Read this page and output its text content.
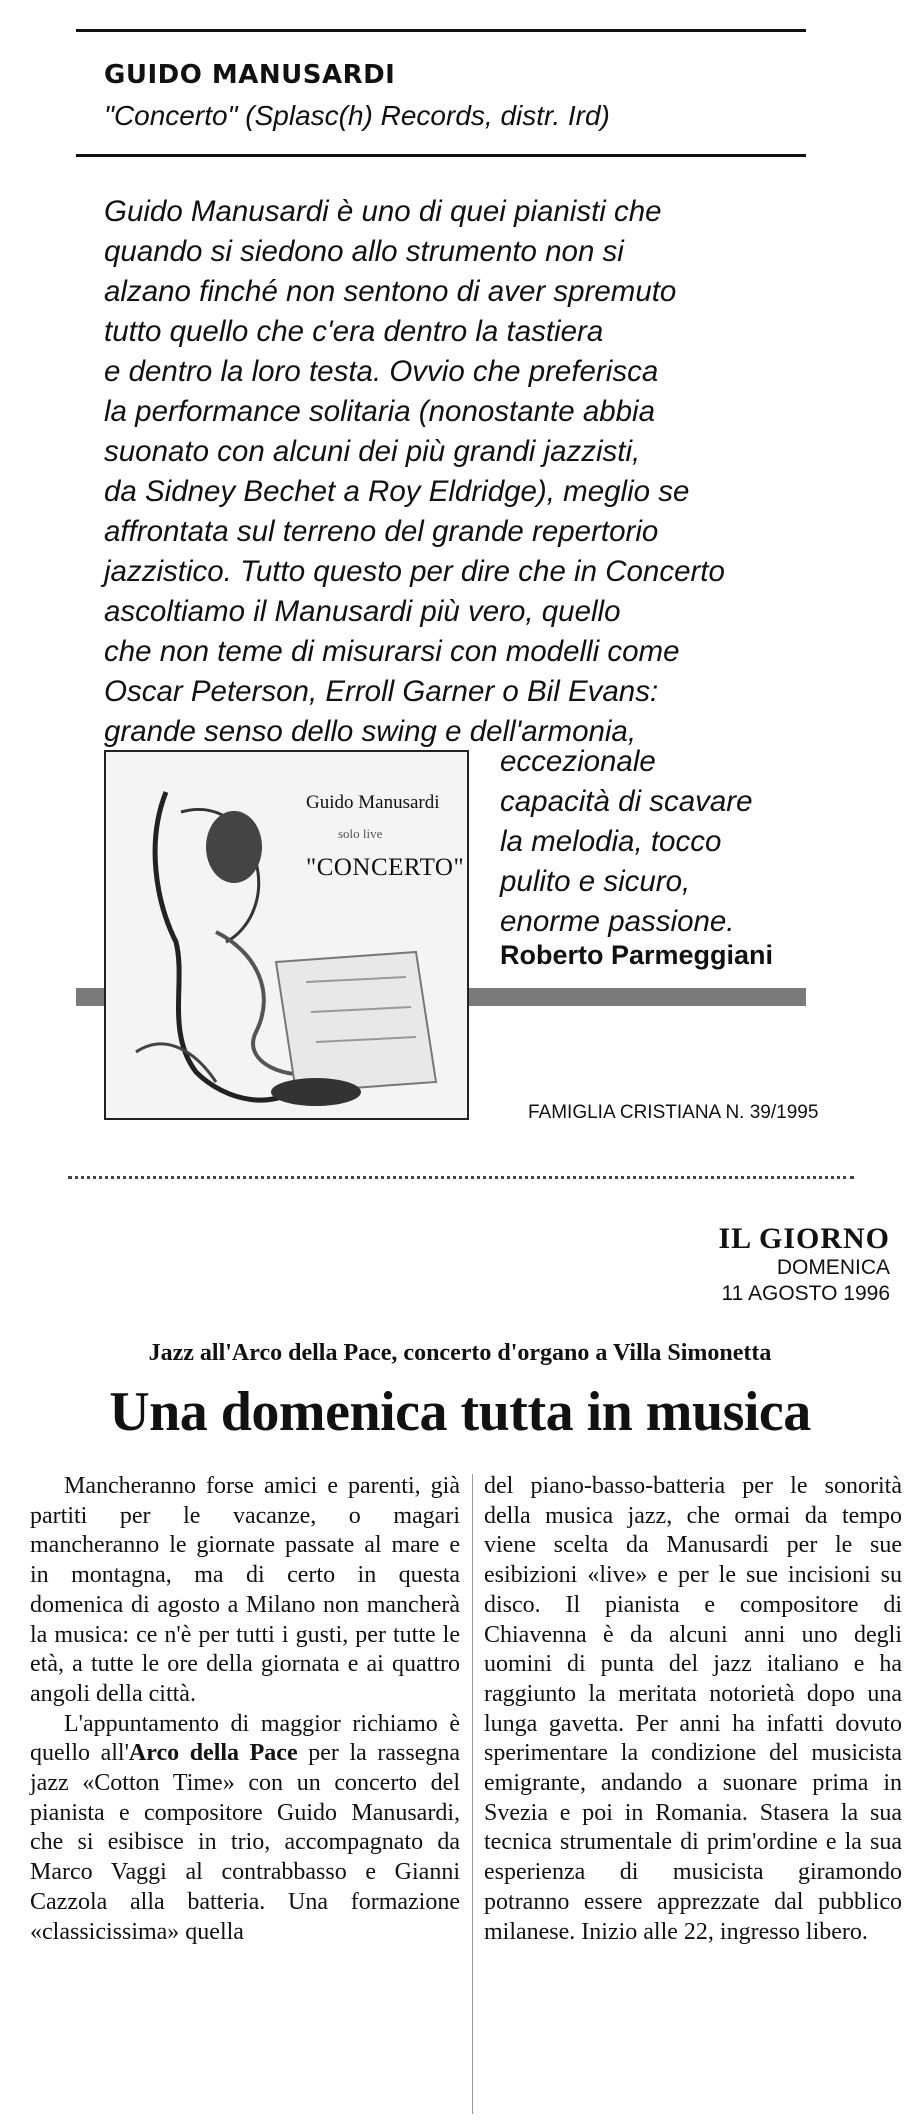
GUIDO MANUSARDI
"Concerto" (Splasc(h) Records, distr. Ird)
Guido Manusardi è uno di quei pianisti che
quando si siedono allo strumento non si
alzano finché non sentono di aver spremuto
tutto quello che c'era dentro la tastiera
e dentro la loro testa. Ovvio che preferisca
la performance solitaria (nonostante abbia
suonato con alcuni dei più grandi jazzisti,
da Sidney Bechet a Roy Eldridge), meglio se
affrontata sul terreno del grande repertorio
jazzistico. Tutto questo per dire che in Concerto
ascoltiamo il Manusardi più vero, quello
che non teme di misurarsi con modelli come
Oscar Peterson, Erroll Garner o Bil Evans:
grande senso dello swing e dell'armonia,
Guido Manusardi
solo live
"CONCERTO"
eccezionale
capacità di scavare
la melodia, tocco
pulito e sicuro,
enorme passione.
Roberto Parmeggiani
FAMIGLIA CRISTIANA N. 39/1995
IL GIORNO
DOMENICA
11 AGOSTO 1996
Jazz all'Arco della Pace, concerto d'organo a Villa Simonetta
Una domenica tutta in musica

Mancheranno forse amici e parenti, già partiti per le vacanze, o magari mancheranno le giornate passate al mare e in montagna, ma di certo in questa domenica di agosto a Milano non mancherà la musica: ce n'è per tutti i gusti, per tutte le età, a tutte le ore della giornata e ai quattro angoli della città.

L'appuntamento di maggior richiamo è quello all'Arco della Pace per la rassegna jazz «Cotton Time» con un concerto del pianista e compositore Guido Manusardi, che si esibisce in trio, accompagnato da Marco Vaggi al contrabbasso e Gianni Cazzola alla batteria. Una formazione «classicissima» quella

del piano-basso-batteria per le sonorità della musica jazz, che ormai da tempo viene scelta da Manusardi per le sue esibizioni «live» e per le sue incisioni su disco. Il pianista e compositore di Chiavenna è da alcuni anni uno degli uomini di punta del jazz italiano e ha raggiunto la meritata notorietà dopo una lunga gavetta. Per anni ha infatti dovuto sperimentare la condizione del musicista emigrante, andando a suonare prima in Svezia e poi in Romania. Stasera la sua tecnica strumentale di prim'ordine e la sua esperienza di musicista giramondo potranno essere apprezzate dal pubblico milanese. Inizio alle 22, ingresso libero.
